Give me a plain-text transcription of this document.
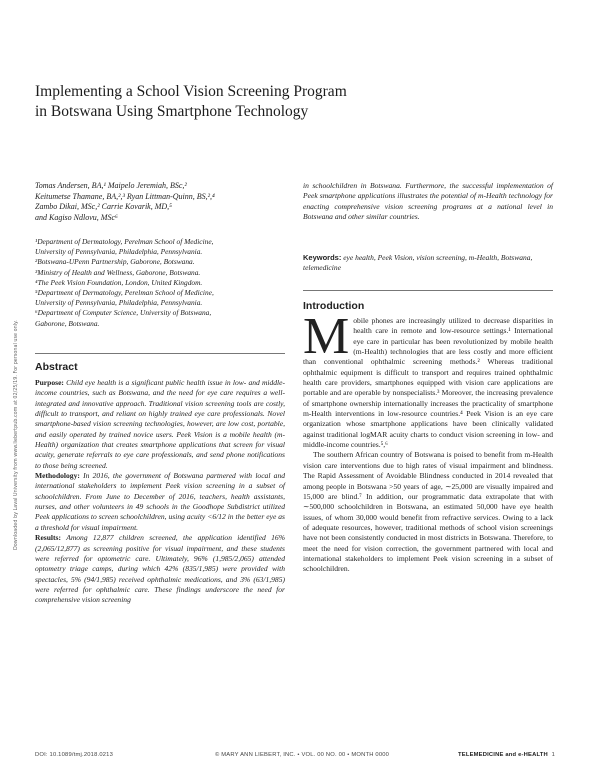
Downloaded by Laval University from www.liebertpub.com at 02/25/19. For personal use only.
Implementing a School Vision Screening Program
in Botswana Using Smartphone Technology
Tomas Andersen, BA,¹ Maipelo Jeremiah, BSc,²
Keitumetse Thamane, BA,²,³ Ryan Littman-Quinn, BS,²,⁴
Zambo Dikai, MSc,² Carrie Kovarik, MD,⁵
and Kagiso Ndlovu, MSc⁶

¹Department of Dermatology, Perelman School of Medicine,

University of Pennsylvania, Philadelphia, Pennsylvania.

²Botswana-UPenn Partnership, Gaborone, Botswana.

³Ministry of Health and Wellness, Gaborone, Botswana.

⁴The Peek Vision Foundation, London, United Kingdom.

⁵Department of Dermatology, Perelman School of Medicine,

University of Pennsylvania, Philadelphia, Pennsylvania.

⁶Department of Computer Science, University of Botswana,

Gaborone, Botswana.

Abstract

Purpose: Child eye health is a significant public health issue in low- and middle-income countries, such as Botswana, and the need for eye care requires a well-integrated and innovative approach. Traditional vision screening tools are costly, difficult to transport, and reliant on highly trained eye care professionals. Novel smartphone-based vision screening technologies, however, are low cost, portable, and easily operated by trained novice users. Peek Vision is a mobile health (m-Health) organization that creates smartphone applications that screen for visual acuity, generate referrals to eye care professionals, and send phone notifications to those being screened.

Methodology: In 2016, the government of Botswana partnered with local and international stakeholders to implement Peek vision screening in a subset of schoolchildren. From June to December of 2016, teachers, health assistants, nurses, and other volunteers in 49 schools in the Goodhope Subdistrict utilized Peek applications to screen schoolchildren, using acuity <6/12 in the better eye as a threshold for visual impairment.

Results: Among 12,877 children screened, the application identified 16% (2,065/12,877) as screening positive for visual impairment, and these students were referred for optometric care. Ultimately, 96% (1,985/2,065) attended optometry triage camps, during which 42% (835/1,985) were provided with spectacles, 5% (94/1,985) received ophthalmic medications, and 3% (63/1,985) were referred for ophthalmic care. These findings underscore the need for comprehensive vision screening

in schoolchildren in Botswana. Furthermore, the successful implementation of Peek smartphone applications illustrates the potential of m-Health technology for enacting comprehensive vision screening programs at a national level in Botswana and other similar countries.

Keywords: eye health, Peek Vision, vision screening, m-Health, Botswana, telemedicine

Introduction

Mobile phones are increasingly utilized to decrease disparities in health care in remote and low-resource settings.¹ International eye care in particular has been revolutionized by mobile health (m-Health) technologies that are less costly and more efficient than conventional ophthalmic screening methods.² Whereas traditional ophthalmic equipment is difficult to transport and requires trained ophthalmic health care providers, smartphones equipped with vision care applications are portable and are operable by nonspecialists.³ Moreover, the increasing prevalence of smartphone ownership internationally increases the practicality of smartphone m-Health interventions in low-resource countries.⁴ Peek Vision is an eye care organization whose smartphone applications have been clinically validated against traditional logMAR acuity charts to conduct vision screening in low- and middle-income countries.⁵,⁶

The southern African country of Botswana is poised to benefit from m-Health vision care interventions due to high rates of visual impairment and blindness. The Rapid Assessment of Avoidable Blindness conducted in 2014 revealed that among people in Botswana >50 years of age, ∼25,000 are visually impaired and 15,000 are blind.⁷ In addition, our programmatic data extrapolate that with ∼500,000 schoolchildren in Botswana, an estimated 50,000 have eye health issues, of whom 30,000 would benefit from refractive services. Owing to a lack of adequate resources, however, traditional methods of school vision screenings have not been consistently conducted in most districts in Botswana. Therefore, to meet the need for vision correction, the government partnered with local and international stakeholders to implement Peek vision screening in a subset of schoolchildren.

DOI: 10.1089/tmj.2018.0213	© MARY ANN LIEBERT, INC. • VOL. 00 NO. 00 • MONTH 0000	TELEMEDICINE and e-HEALTH 1
